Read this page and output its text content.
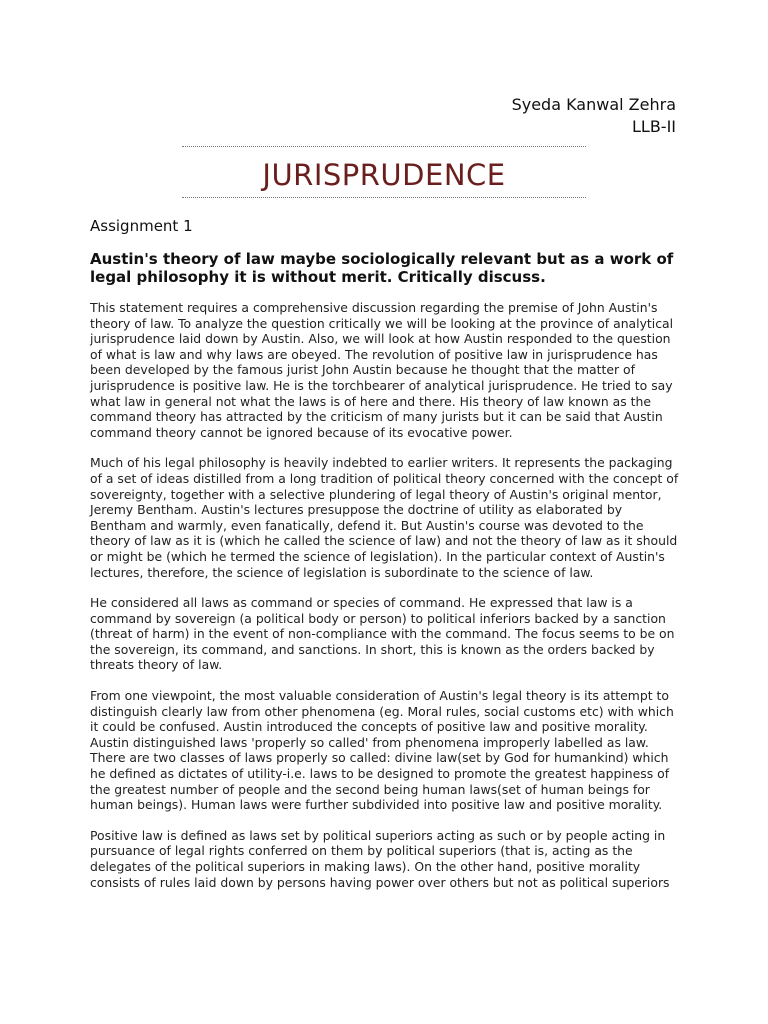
Syeda Kanwal Zehra
LLB-II
JURISPRUDENCE
Assignment 1
Austin's theory of law maybe sociologically relevant but as a work of legal philosophy it is without merit. Critically discuss.

This statement requires a comprehensive discussion regarding the premise of John Austin's theory of law. To analyze the question critically we will be looking at the province of analytical jurisprudence laid down by Austin. Also, we will look at how Austin responded to the question of what is law and why laws are obeyed. The revolution of positive law in jurisprudence has been developed by the famous jurist John Austin because he thought that the matter of jurisprudence is positive law. He is the torchbearer of analytical jurisprudence. He tried to say what law in general not what the laws is of here and there. His theory of law known as the command theory has attracted by the criticism of many jurists but it can be said that Austin command theory cannot be ignored because of its evocative power.

Much of his legal philosophy is heavily indebted to earlier writers. It represents the packaging of a set of ideas distilled from a long tradition of political theory concerned with the concept of sovereignty, together with a selective plundering of legal theory of Austin's original mentor, Jeremy Bentham. Austin's lectures presuppose the doctrine of utility as elaborated by Bentham and warmly, even fanatically, defend it. But Austin's course was devoted to the theory of law as it is (which he called the science of law) and not the theory of law as it should or might be (which he termed the science of legislation). In the particular context of Austin's lectures, therefore, the science of legislation is subordinate to the science of law.

He considered all laws as command or species of command. He expressed that law is a command by sovereign (a political body or person) to political inferiors backed by a sanction (threat of harm) in the event of non-compliance with the command. The focus seems to be on the sovereign, its command, and sanctions. In short, this is known as the orders backed by threats theory of law.

From one viewpoint, the most valuable consideration of Austin's legal theory is its attempt to distinguish clearly law from other phenomena (eg. Moral rules, social customs etc) with which it could be confused. Austin introduced the concepts of positive law and positive morality. Austin distinguished laws 'properly so called' from phenomena improperly labelled as law. There are two classes of laws properly so called: divine law(set by God for humankind) which he defined as dictates of utility-i.e. laws to be designed to promote the greatest happiness of the greatest number of people and the second being human laws(set of human beings for human beings). Human laws were further subdivided into positive law and positive morality.

Positive law is defined as laws set by political superiors acting as such or by people acting in pursuance of legal rights conferred on them by political superiors (that is, acting as the delegates of the political superiors in making laws). On the other hand, positive morality consists of rules laid down by persons having power over others but not as political superiors
